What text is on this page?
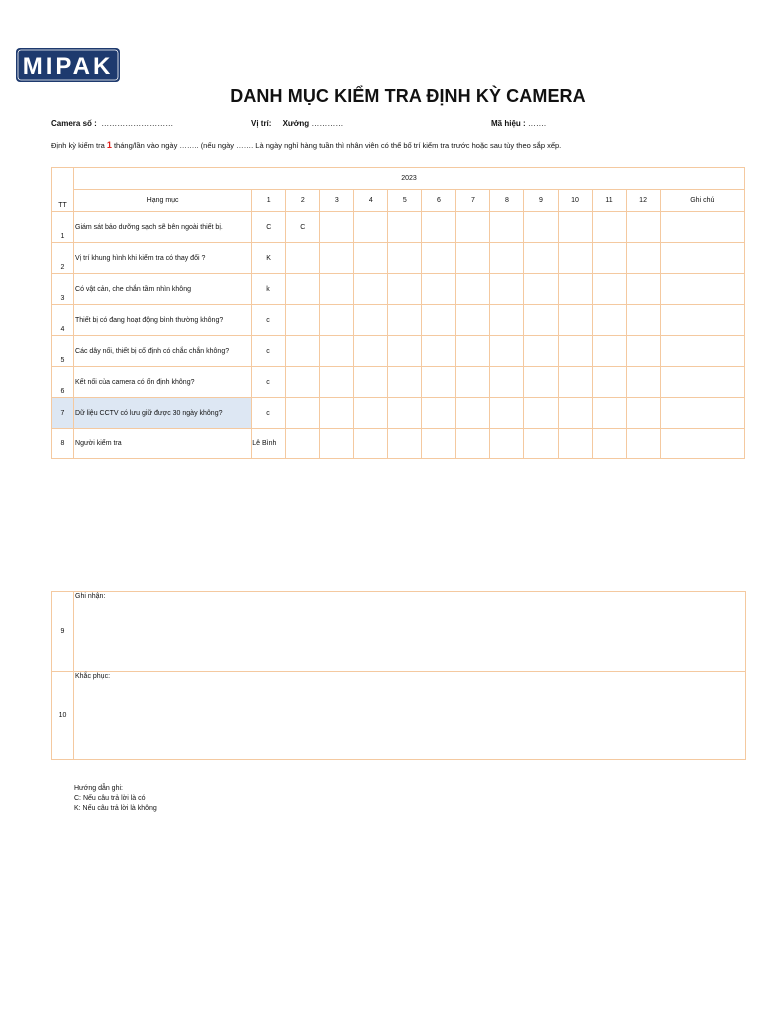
MIPAK
DANH MỤC KIỂM TRA ĐỊNH KỲ CAMERA
Camera số : ………………………	Vị trí: Xưởng …………	Mã hiệu : …….
Định kỳ kiểm tra 1 tháng/lần vào ngày …….. (nếu ngày ……. Là ngày nghỉ hàng tuần thì nhân viên có thể bố trí kiểm tra trước hoặc sau tùy theo sắp xếp.
TT	2023													
	Hạng mục	1	2	3	4	5	6	7	8	9	10	11	12	Ghi chú
1	Giám sát bảo dưỡng sạch sẽ bên ngoài thiết bị.	C	C											
2	Vị trí khung hình khi kiểm tra có thay đổi ?	K												
3	Có vật cản, che chắn tầm nhìn không	k												
4	Thiết bị có đang hoạt động bình thường không?	c												
5	Các dây nối, thiết bị cố định có chắc chắn không?	c												
6	Kết nối của camera có ổn định không?	c												
7	Dữ liệu CCTV có lưu giữ được 30 ngày không?	c												
8	Người kiểm tra	Lê Bình												
9	Ghi nhận:
10	Khắc phục:
Hướng dẫn ghi:
C: Nếu câu trả lời là có
K: Nếu câu trả lời là không
